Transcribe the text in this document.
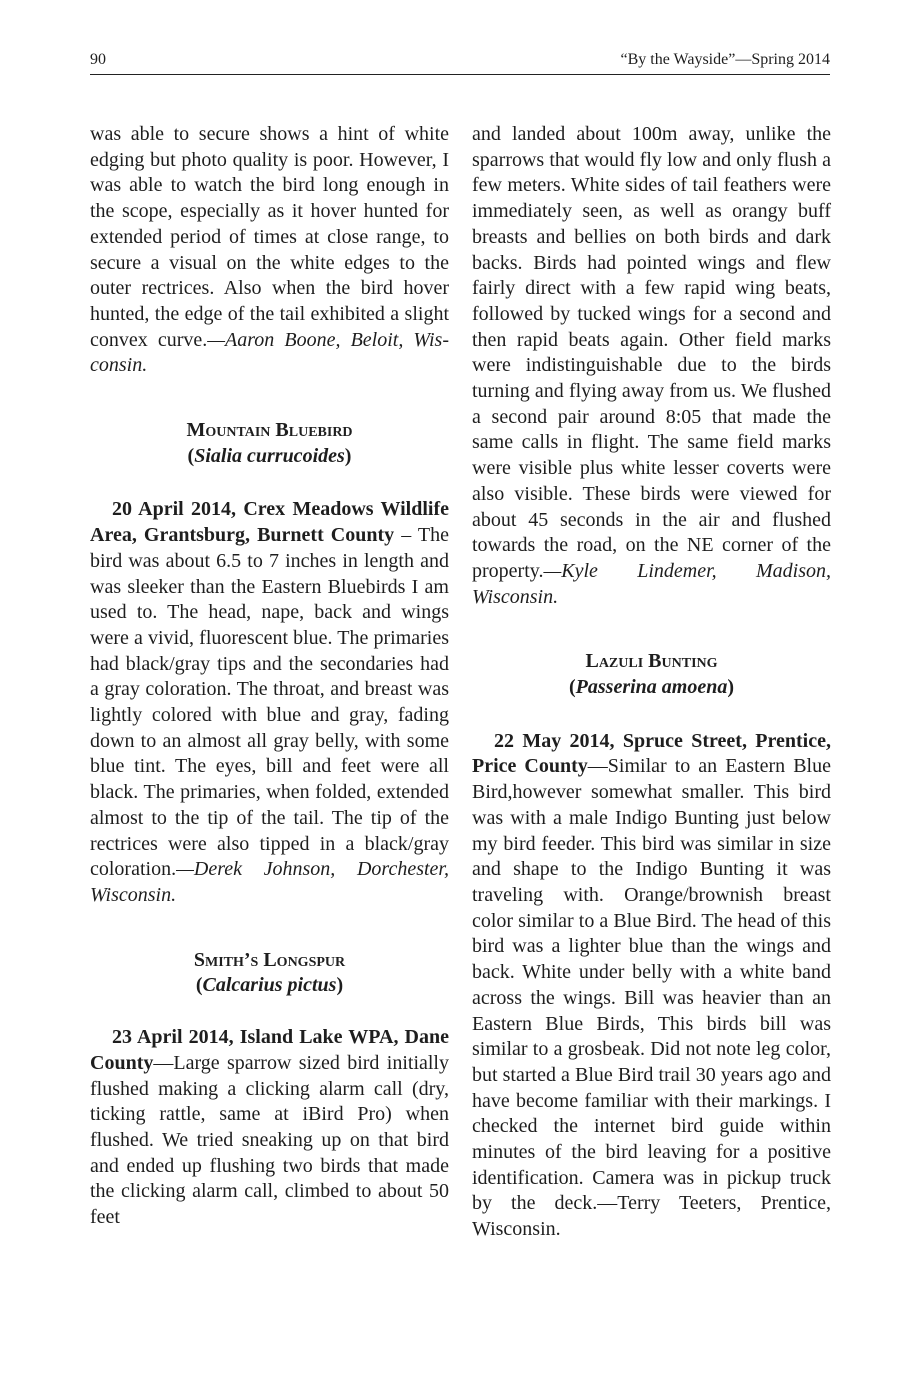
90	“By the Wayside”—Spring 2014

was able to secure shows a hint of white edging but photo quality is poor. However, I was able to watch the bird long enough in the scope, especially as it hover hunted for extended period of times at close range, to secure a visual on the white edges to the outer rectrices. Also when the bird hover hunted, the edge of the tail exhibited a slight convex curve.—Aaron Boone, Beloit, Wisconsin.

Mountain Bluebird
(Sialia currucoides)

20 April 2014, Crex Meadows Wildlife Area, Grantsburg, Burnett County – The bird was about 6.5 to 7 inches in length and was sleeker than the Eastern Bluebirds I am used to. The head, nape, back and wings were a vivid, fluorescent blue. The primaries had black/gray tips and the secondaries had a gray coloration. The throat, and breast was lightly colored with blue and gray, fading down to an almost all gray belly, with some blue tint. The eyes, bill and feet were all black. The primaries, when folded, extended almost to the tip of the tail. The tip of the rectrices were also tipped in a black/gray coloration.—Derek Johnson, Dorchester, Wisconsin.

Smith’s Longspur
(Calcarius pictus)

23 April 2014, Island Lake WPA, Dane County—Large sparrow sized bird initially flushed making a clicking alarm call (dry, ticking rattle, same at iBird Pro) when flushed. We tried sneaking up on that bird and ended up flushing two birds that made the clicking alarm call, climbed to about 50 feet

and landed about 100m away, unlike the sparrows that would fly low and only flush a few meters. White sides of tail feathers were immediately seen, as well as orangy buff breasts and bellies on both birds and dark backs. Birds had pointed wings and flew fairly direct with a few rapid wing beats, followed by tucked wings for a second and then rapid beats again. Other field marks were indistinguishable due to the birds turning and flying away from us. We flushed a second pair around 8:05 that made the same calls in flight. The same field marks were visible plus white lesser coverts were also visible. These birds were viewed for about 45 seconds in the air and flushed towards the road, on the NE corner of the property.—Kyle Lindemer, Madison, Wisconsin.

Lazuli Bunting
(Passerina amoena)

22 May 2014, Spruce Street, Prentice, Price County—Similar to an Eastern Blue Bird,however somewhat smaller. This bird was with a male Indigo Bunting just below my bird feeder. This bird was similar in size and shape to the Indigo Bunting it was traveling with. Orange/brownish breast color similar to a Blue Bird. The head of this bird was a lighter blue than the wings and back. White under belly with a white band across the wings. Bill was heavier than an Eastern Blue Birds, This birds bill was similar to a grosbeak. Did not note leg color, but started a Blue Bird trail 30 years ago and have become familiar with their markings. I checked the internet bird guide within minutes of the bird leaving for a positive identification. Camera was in pickup truck by the deck.—Terry Teeters, Prentice, Wisconsin.
